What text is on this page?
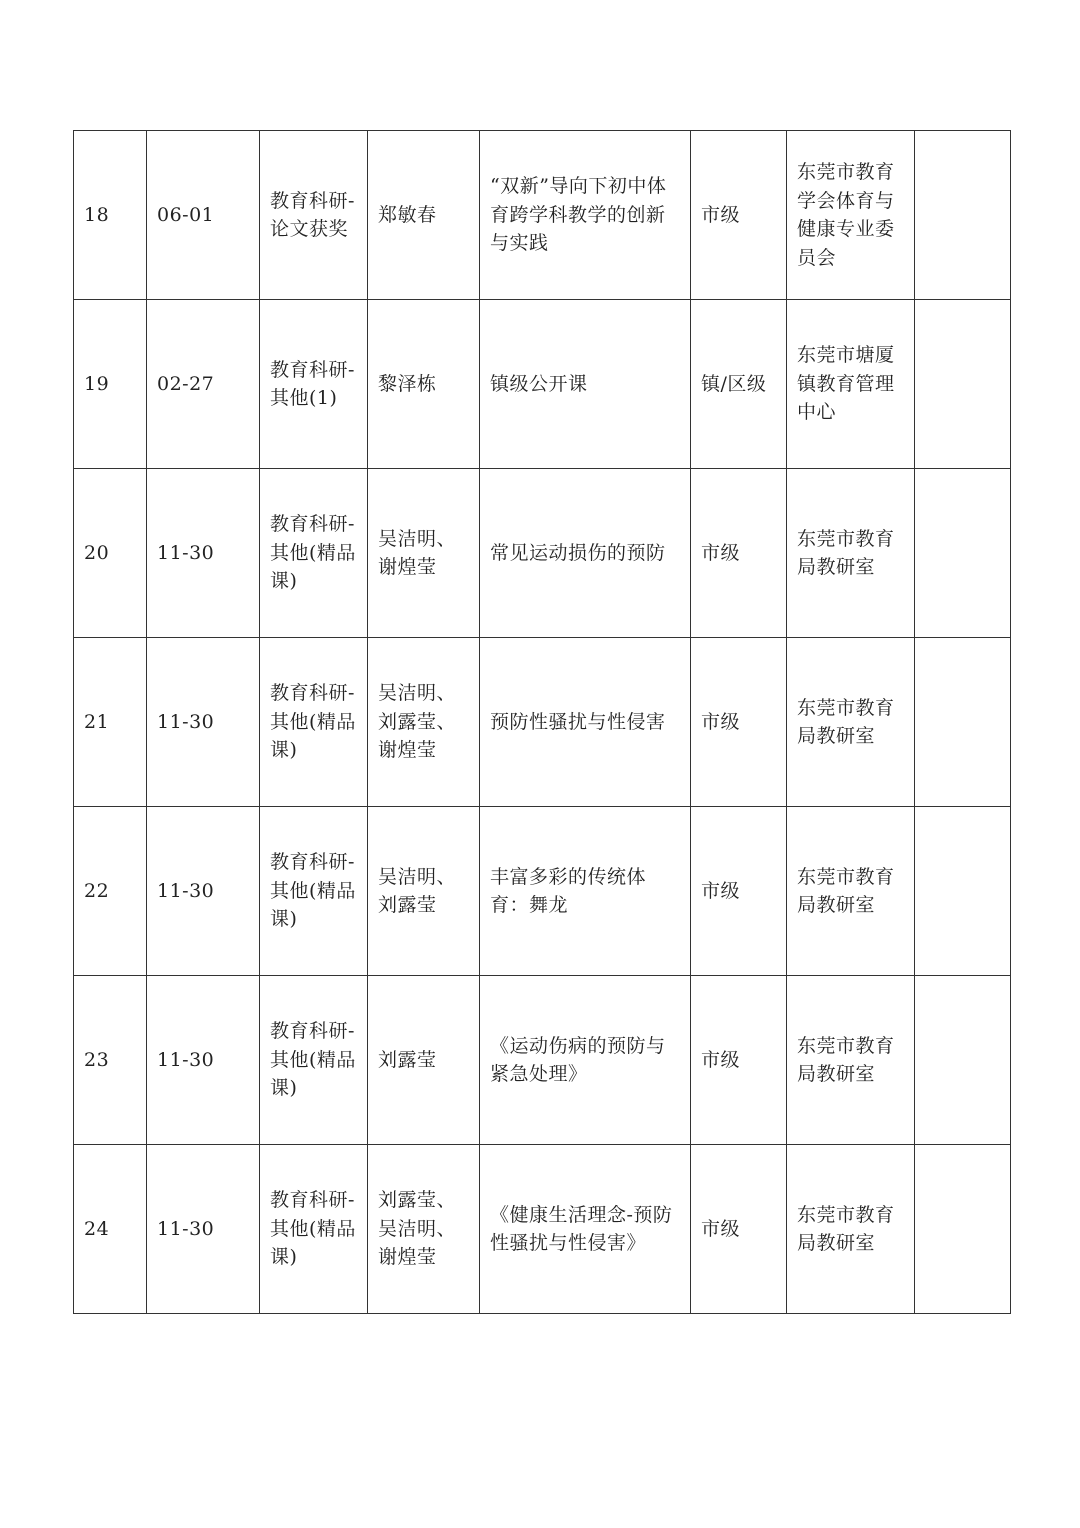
18	06-01	教育科研-论文获奖	郑敏春	“双新”导向下初中体育跨学科教学的创新与实践	市级	东莞市教育学会体育与健康专业委员会	
19	02-27	教育科研-其他(1)	黎泽栋	镇级公开课	镇/区级	东莞市塘厦镇教育管理中心	
20	11-30	教育科研-其他(精品课)	吴洁明、谢煌莹	常见运动损伤的预防	市级	东莞市教育局教研室	
21	11-30	教育科研-其他(精品课)	吴洁明、刘露莹、谢煌莹	预防性骚扰与性侵害	市级	东莞市教育局教研室	
22	11-30	教育科研-其他(精品课)	吴洁明、刘露莹	丰富多彩的传统体育：舞龙	市级	东莞市教育局教研室	
23	11-30	教育科研-其他(精品课)	刘露莹	《运动伤病的预防与紧急处理》	市级	东莞市教育局教研室	
24	11-30	教育科研-其他(精品课)	刘露莹、吴洁明、谢煌莹	《健康生活理念-预防性骚扰与性侵害》	市级	东莞市教育局教研室	
